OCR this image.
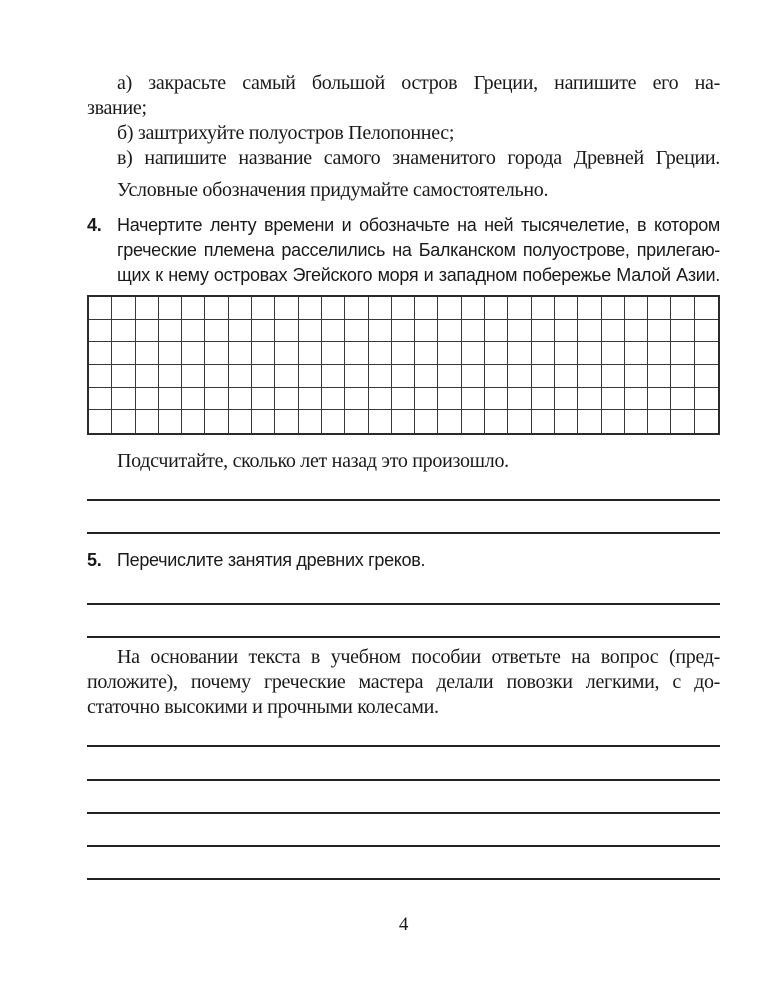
а) закрасьте самый большой остров Греции, напишите его на-
звание;
б) заштрихуйте полуостров Пелопоннес;
в) напишите название самого знаменитого города Древней Греции.
Условные обозначения придумайте самостоятельно.
4. Начертите ленту времени и обозначьте на ней тысячелетие, в котором
греческие племена расселились на Балканском полуострове, прилегаю-
щих к нему островах Эгейского моря и западном побережье Малой Азии.
Подсчитайте, сколько лет назад это произошло.
5. Перечислите занятия древних греков.
На основании текста в учебном пособии ответьте на вопрос (пред-
положите), почему греческие мастера делали повозки легкими, с до-
статочно высокими и прочными колесами.
4
